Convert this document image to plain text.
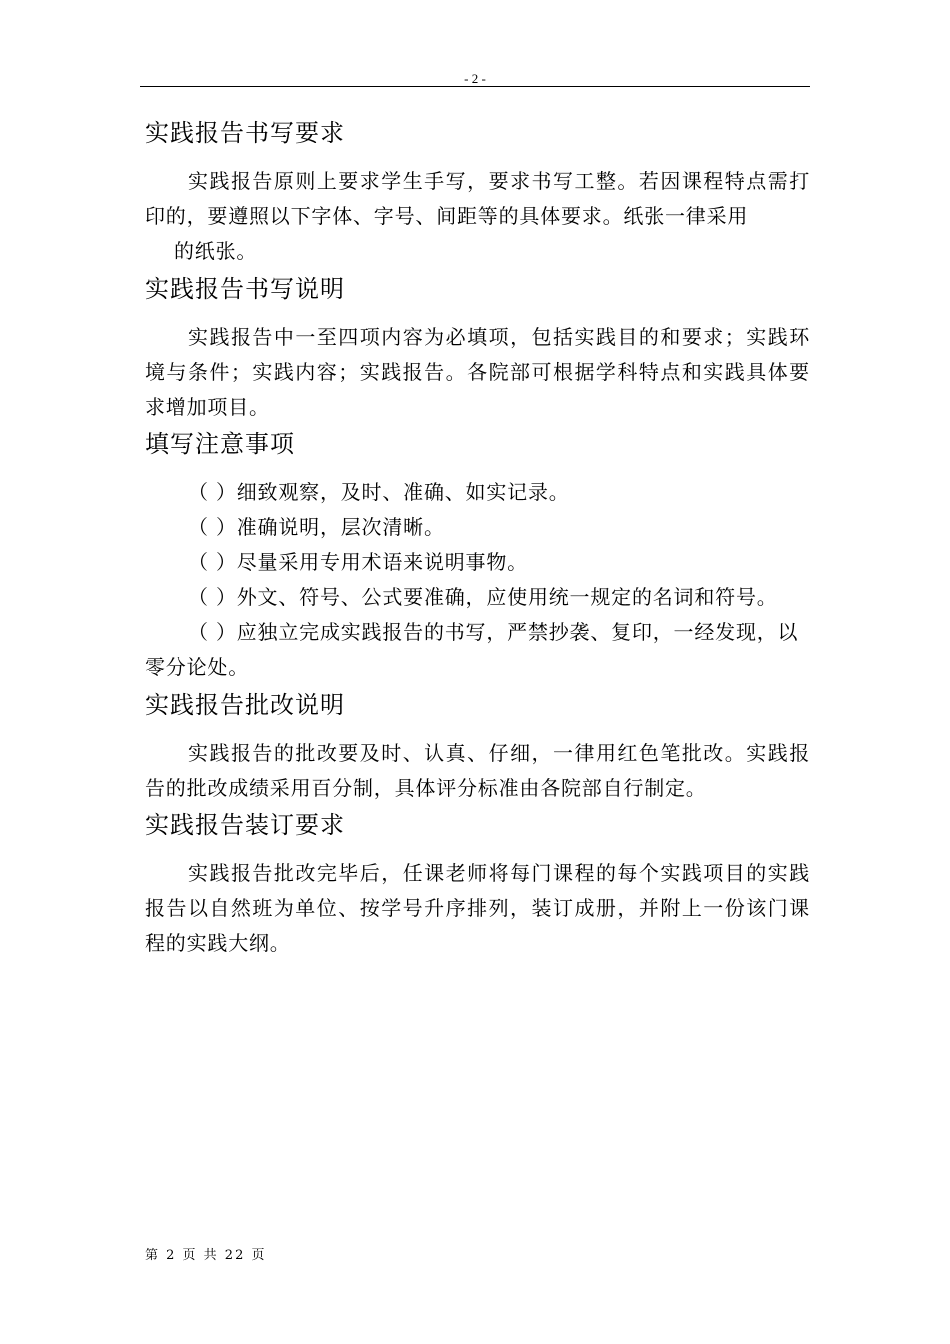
- 2 -
实践报告书写要求

实践报告原则上要求学生手写，要求书写工整。若因课程特点需打印的，要遵照以下字体、字号、间距等的具体要求。纸张一律采用

的纸张。
实践报告书写说明

实践报告中一至四项内容为必填项，包括实践目的和要求；实践环境与条件；实践内容；实践报告。各院部可根据学科特点和实践具体要求增加项目。

填写注意事项

（ ）细致观察，及时、准确、如实记录。

（ ）准确说明，层次清晰。

（ ）尽量采用专用术语来说明事物。

（ ）外文、符号、公式要准确，应使用统一规定的名词和符号。

（ ）应独立完成实践报告的书写，严禁抄袭、复印，一经发现，以零分论处。

实践报告批改说明

实践报告的批改要及时、认真、仔细，一律用红色笔批改。实践报告的批改成绩采用百分制，具体评分标准由各院部自行制定。

实践报告装订要求

实践报告批改完毕后，任课老师将每门课程的每个实践项目的实践报告以自然班为单位、按学号升序排列，装订成册，并附上一份该门课程的实践大纲。

第 2 页 共 22 页
